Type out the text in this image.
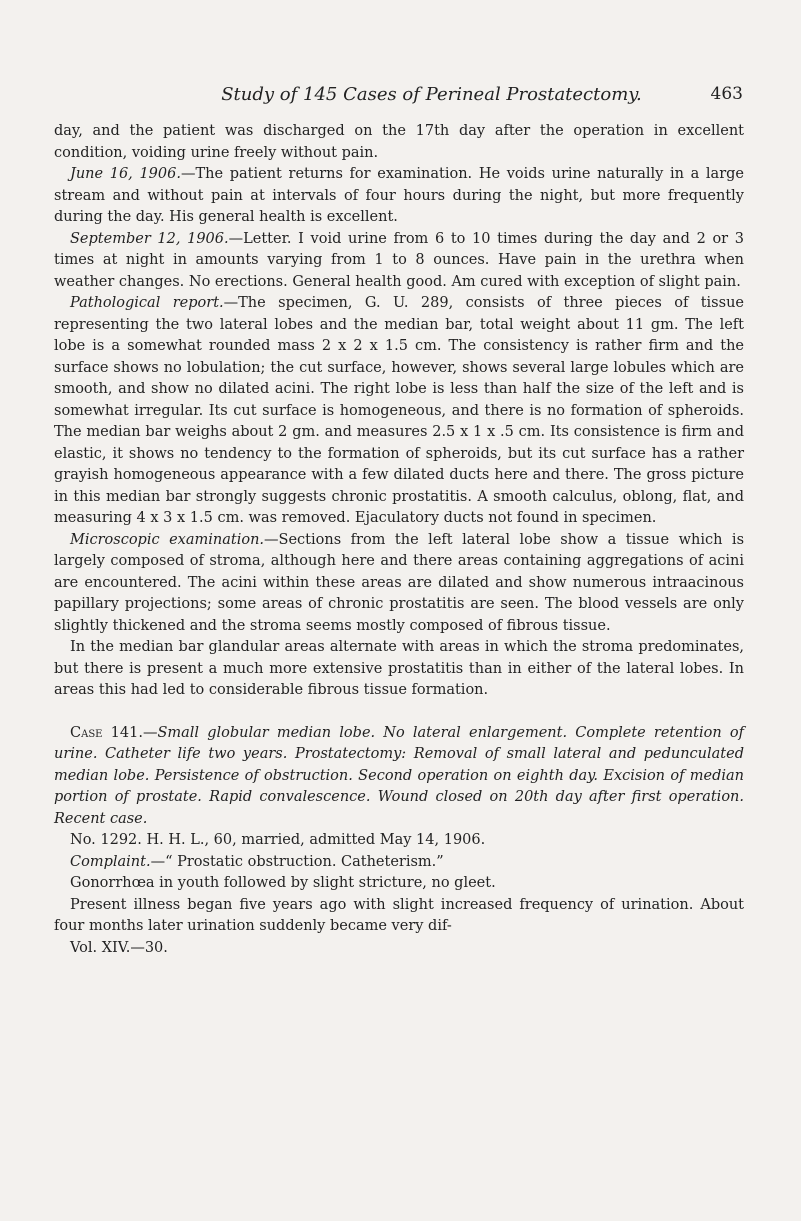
Study of 145 Cases of Perineal Prostatectomy.	463

day, and the patient was discharged on the 17th day after the operation in excellent condition, voiding urine freely without pain.

June 16, 1906.—The patient returns for examination. He voids urine naturally in a large stream and without pain at intervals of four hours during the night, but more frequently during the day. His general health is excellent.

September 12, 1906.—Letter. I void urine from 6 to 10 times during the day and 2 or 3 times at night in amounts varying from 1 to 8 ounces. Have pain in the urethra when weather changes. No erections. General health good. Am cured with exception of slight pain.

Pathological report.—The specimen, G. U. 289, consists of three pieces of tissue representing the two lateral lobes and the median bar, total weight about 11 gm. The left lobe is a somewhat rounded mass 2 x 2 x 1.5 cm. The consistency is rather firm and the surface shows no lobulation; the cut surface, however, shows several large lobules which are smooth, and show no dilated acini. The right lobe is less than half the size of the left and is somewhat irregular. Its cut surface is homogeneous, and there is no formation of spheroids. The median bar weighs about 2 gm. and measures 2.5 x 1 x .5 cm. Its consistence is firm and elastic, it shows no tendency to the formation of spheroids, but its cut surface has a rather grayish homogeneous appearance with a few dilated ducts here and there. The gross picture in this median bar strongly suggests chronic prostatitis. A smooth calculus, oblong, flat, and measuring 4 x 3 x 1.5 cm. was removed. Ejaculatory ducts not found in specimen.

Microscopic examination.—Sections from the left lateral lobe show a tissue which is largely composed of stroma, although here and there areas containing aggregations of acini are encountered. The acini within these areas are dilated and show numerous intraacinous papillary projections; some areas of chronic prostatitis are seen. The blood vessels are only slightly thickened and the stroma seems mostly composed of fibrous tissue.

In the median bar glandular areas alternate with areas in which the stroma predominates, but there is present a much more extensive prostatitis than in either of the lateral lobes. In areas this had led to considerable fibrous tissue formation.

Case 141.—Small globular median lobe. No lateral enlargement. Complete retention of urine. Catheter life two years. Prostatectomy: Removal of small lateral and pedunculated median lobe. Persistence of obstruction. Second operation on eighth day. Excision of median portion of prostate. Rapid convalescence. Wound closed on 20th day after first operation. Recent case.

No. 1292. H. H. L., 60, married, admitted May 14, 1906.

Complaint.—“ Prostatic obstruction. Catheterism.”

Gonorrhœa in youth followed by slight stricture, no gleet.

Present illness began five years ago with slight increased frequency of urination. About four months later urination suddenly became very dif-

Vol. XIV.—30.
